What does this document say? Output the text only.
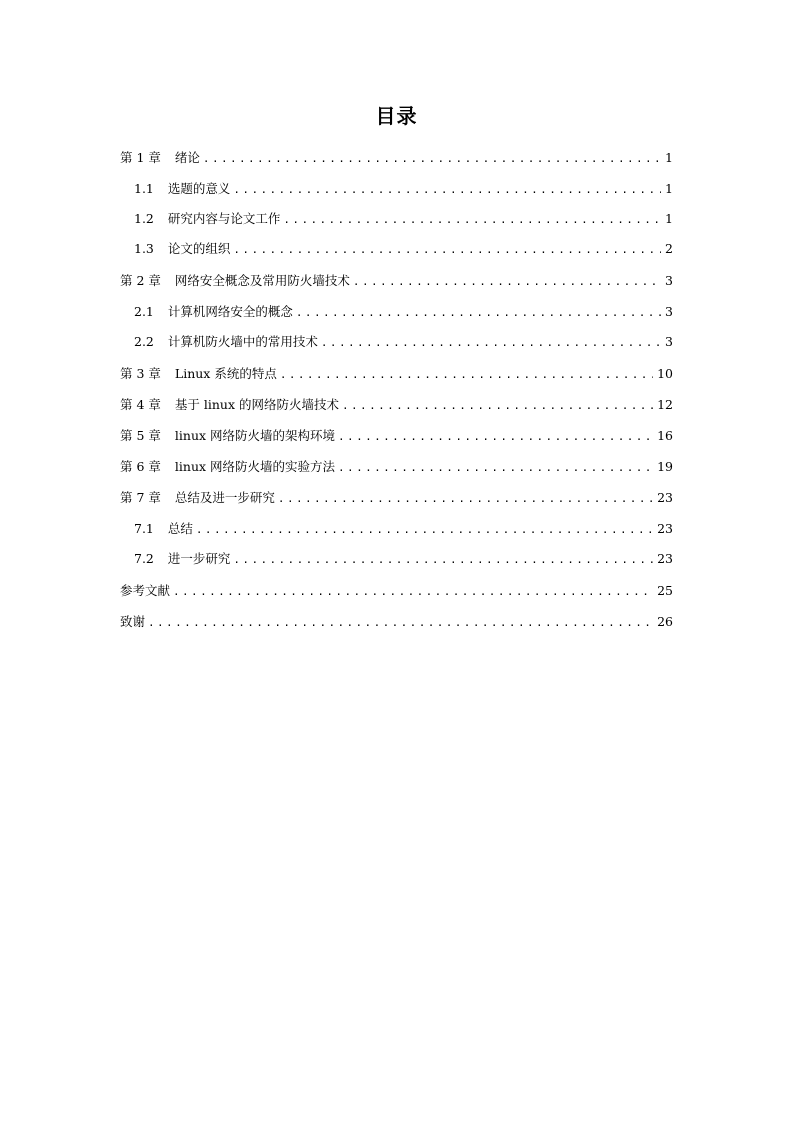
目录
第 1 章 绪论 .....	1
1.1 选题的意义 .....	1
1.2 研究内容与论文工作 .....	1
1.3 论文的组织 .....	2
第 2 章 网络安全概念及常用防火墙技术 .....	3
2.1 计算机网络安全的概念 .....	3
2.2 计算机防火墙中的常用技术 .....	3
第 3 章 Linux 系统的特点 .....	10
第 4 章 基于 linux 的网络防火墙技术 .....	12
第 5 章 linux 网络防火墙的架构环境 .....	16
第 6 章 linux 网络防火墙的实验方法 .....	19
第 7 章 总结及进一步研究 .....	23
7.1 总结 .....	23
7.2 进一步研究 .....	23
参考文献 .....	25
致谢 .....	26
